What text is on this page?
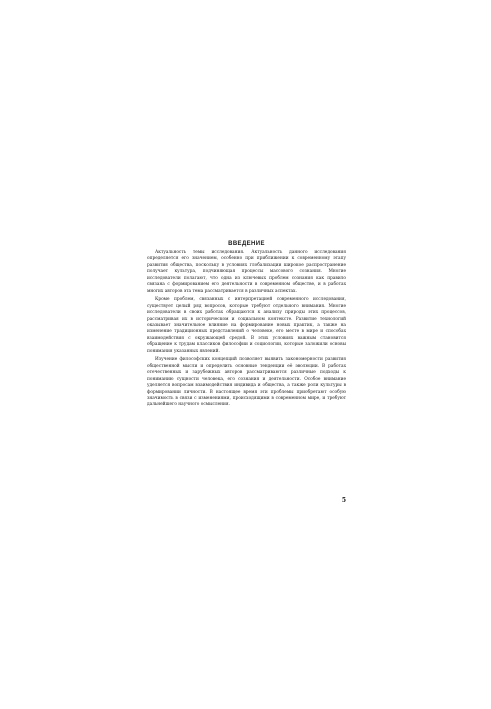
ВВЕДЕНИЕ

Актуальность темы исследования. Актуальность данного исследования определяется его значением, особенно при приближении к современному этапу развития общества, поскольку в условиях глобализации широкое распространение получает культура, подчиняющая процессы массового сознания. Многие исследователи полагают, что одна из ключевых проблем сознания как правило связана с формированием его деятельности в современном обществе, и в работах многих авторов эта тема рассматривается в различных аспектах.

Кроме проблем, связанных с интерпретацией современного исследования, существует целый ряд вопросов, которые требуют отдельного внимания. Многие исследователи в своих работах обращаются к анализу природы этих процессов, рассматривая их в историческом и социальном контексте. Развитие технологий оказывает значительное влияние на формирование новых практик, а также на изменение традиционных представлений о человеке, его месте в мире и способах взаимодействия с окружающей средой. В этих условиях важным становится обращение к трудам классиков философии и социологии, которые заложили основы понимания указанных явлений.

Изучение философских концепций позволяет выявить закономерности развития общественной мысли и определить основные тенденции её эволюции. В работах отечественных и зарубежных авторов рассматриваются различные подходы к пониманию сущности человека, его сознания и деятельности. Особое внимание уделяется вопросам взаимодействия индивида и общества, а также роли культуры в формировании личности. В настоящее время эти проблемы приобретают особую значимость в связи с изменениями, происходящими в современном мире, и требуют дальнейшего научного осмысления.

5
